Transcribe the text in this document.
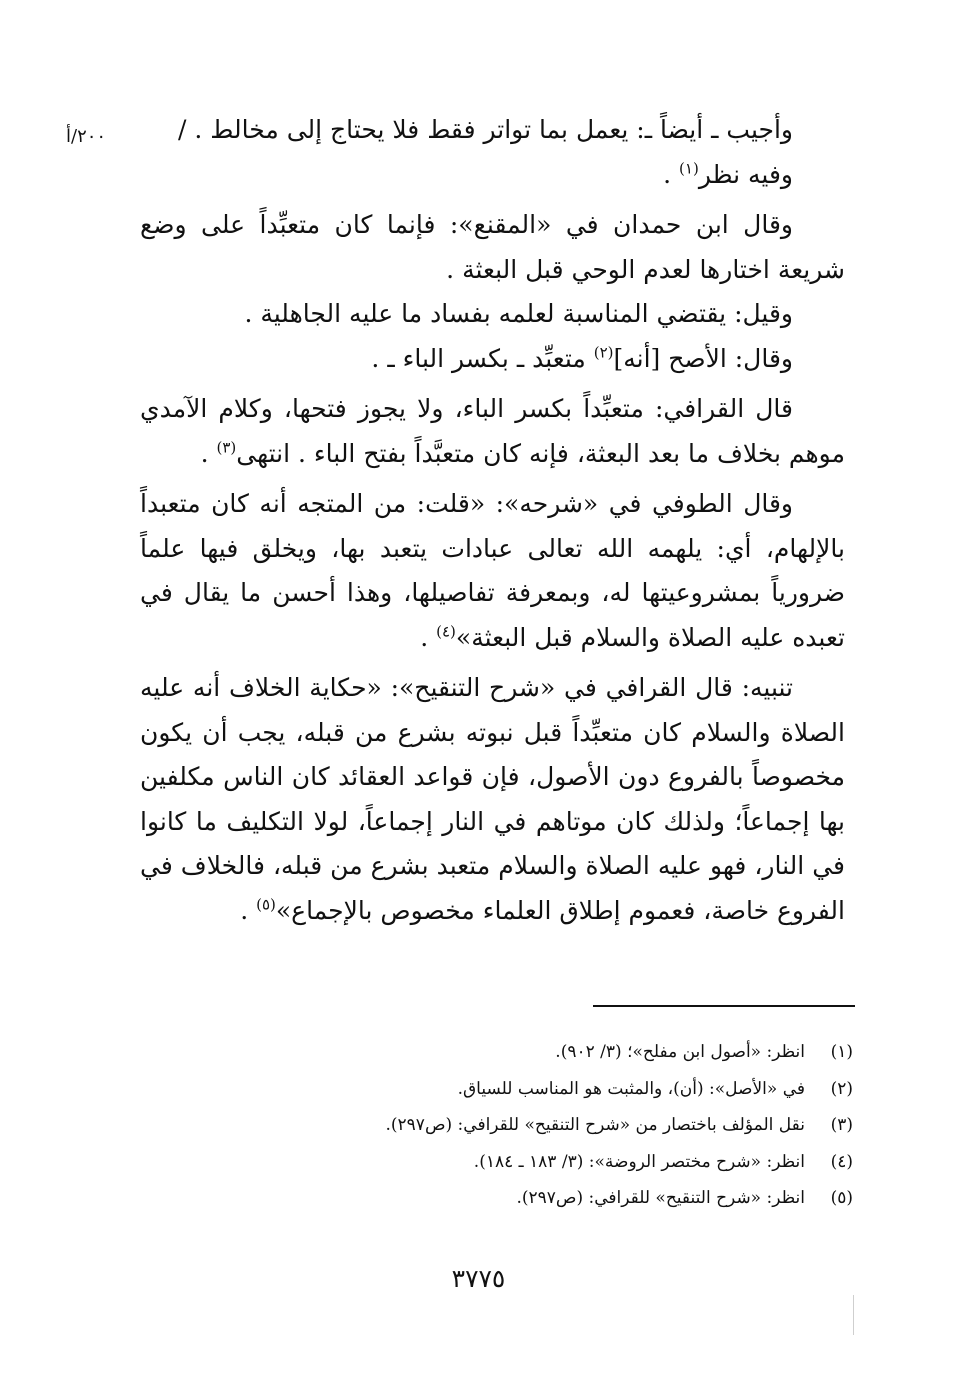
٢٠٠/أ	وأجيب ـ أيضاً ـ: يعمل بما تواتر فقط فلا يحتاج إلى مخالط . /

وفيه نظر$^{(١)}$ .

وقال ابن حمدان في «المقنع»: فإنما كان متعبِّداً على وضع شريعة اختارها لعدم الوحي قبل البعثة .

وقيل: يقتضي المناسبة لعلمه بفساد ما عليه الجاهلية .

وقال: الأصح [أنه]$^{(٢)}$ متعبِّد ـ بكسر الباء ـ .

قال القرافي: متعبِّداً بكسر الباء، ولا يجوز فتحها، وكلام الآمدي موهم بخلاف ما بعد البعثة، فإنه كان متعبَّداً بفتح الباء . انتهى$^{(٣)}$ .

وقال الطوفي في «شرحه»: «قلت: من المتجه أنه كان متعبداً بالإلهام، أي: يلهمه الله تعالى عبادات يتعبد بها، ويخلق فيها علماً ضرورياً بمشروعيتها له، وبمعرفة تفاصيلها، وهذا أحسن ما يقال في تعبده عليه الصلاة والسلام قبل البعثة»$^{(٤)}$ .

تنبيه: قال القرافي في «شرح التنقيح»: «حكاية الخلاف أنه عليه الصلاة والسلام كان متعبِّداً قبل نبوته بشرع من قبله، يجب أن يكون مخصوصاً بالفروع دون الأصول، فإن قواعد العقائد كان الناس مكلفين بها إجماعاً؛ ولذلك كان موتاهم في النار إجماعاً، لولا التكليف ما كانوا في النار، فهو عليه الصلاة والسلام متعبد بشرع من قبله، فالخلاف في الفروع خاصة، فعموم إطلاق العلماء مخصوص بالإجماع»$^{(٥)}$ .

(١)
انظر: «أصول ابن مفلح»؛ (٣/ ٩٠٢).
(٢)
في «الأصل»: (أن)، والمثبت هو المناسب للسياق.
(٣)
نقل المؤلف باختصار من «شرح التنقيح» للقرافي: (ص٢٩٧).
(٤)
انظر: «شرح مختصر الروضة»: (٣/ ١٨٣ ـ ١٨٤).
(٥)
انظر: «شرح التنقيح» للقرافي: (ص٢٩٧).
٣٧٧٥
